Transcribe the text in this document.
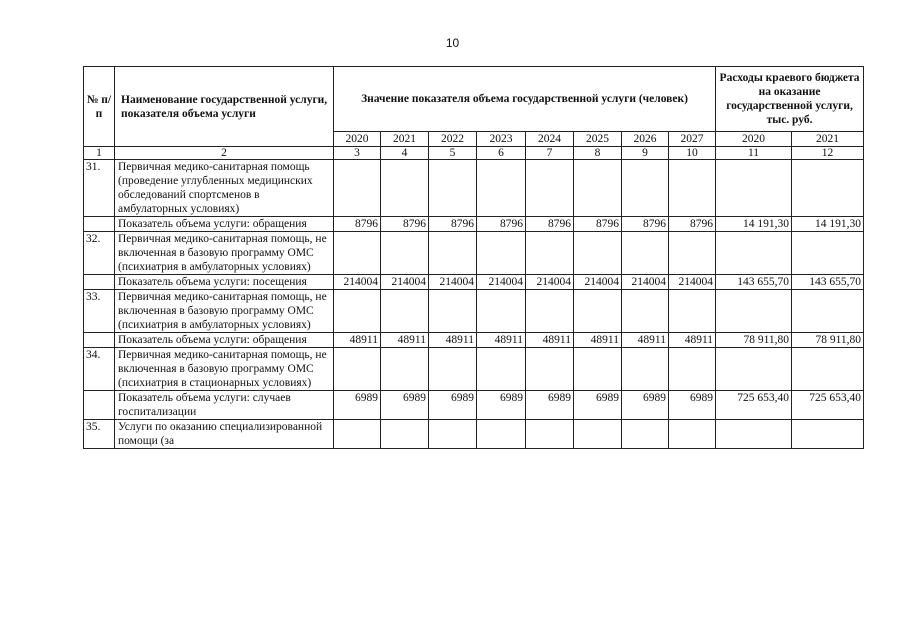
10
№ п/п	Наименование государственной услуги, показателя объема услуги	Значение показателя объема государственной услуги (человек)								Расходы краевого бюджета на оказание государственной услуги, тыс. руб.	
		2020	2021	2022	2023	2024	2025	2026	2027	2020	2021
1	2	3	4	5	6	7	8	9	10	11	12
31.	Первичная медико-санитарная помощь (проведение углубленных медицинских обследований спортсменов в амбулаторных условиях)										
	Показатель объема услуги: обращения	8796	8796	8796	8796	8796	8796	8796	8796	14 191,30	14 191,30
32.	Первичная медико-санитарная помощь, не включенная в базовую программу ОМС (психиатрия в амбулаторных условиях)										
	Показатель объема услуги: посещения	214004	214004	214004	214004	214004	214004	214004	214004	143 655,70	143 655,70
33.	Первичная медико-санитарная помощь, не включенная в базовую программу ОМС (психиатрия в амбулаторных условиях)										
	Показатель объема услуги: обращения	48911	48911	48911	48911	48911	48911	48911	48911	78 911,80	78 911,80
34.	Первичная медико-санитарная помощь, не включенная в базовую программу ОМС (психиатрия в стационарных условиях)										
	Показатель объема услуги: случаев госпитализации	6989	6989	6989	6989	6989	6989	6989	6989	725 653,40	725 653,40
35.	Услуги по оказанию специализированной помощи (за										
